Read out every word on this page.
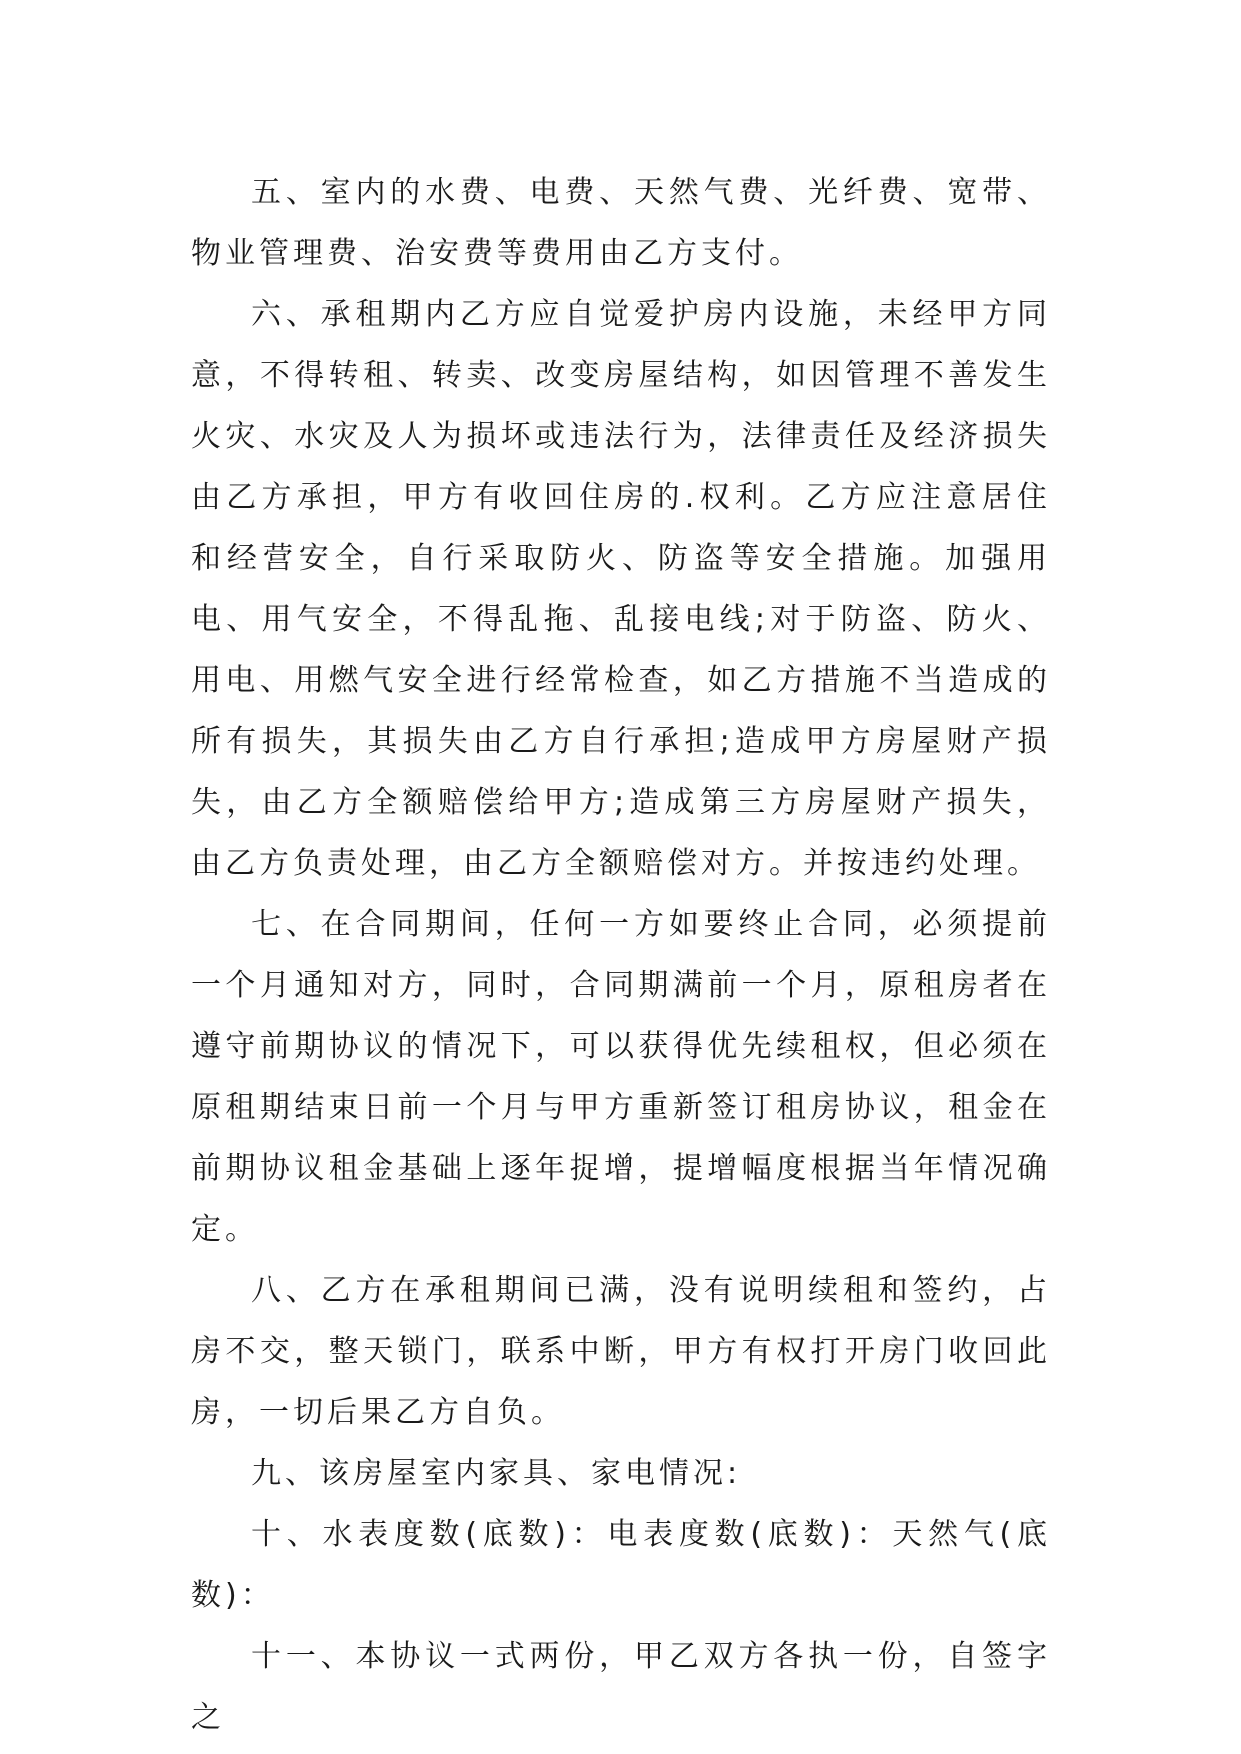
五、室内的水费、电费、天然气费、光纤费、宽带、物业管理费、治安费等费用由乙方支付。

六、承租期内乙方应自觉爱护房内设施，未经甲方同意，不得转租、转卖、改变房屋结构，如因管理不善发生火灾、水灾及人为损坏或违法行为，法律责任及经济损失由乙方承担，甲方有收回住房的.权利。乙方应注意居住和经营安全，自行采取防火、防盗等安全措施。加强用电、用气安全，不得乱拖、乱接电线;对于防盗、防火、用电、用燃气安全进行经常检查，如乙方措施不当造成的所有损失，其损失由乙方自行承担;造成甲方房屋财产损失，由乙方全额赔偿给甲方;造成第三方房屋财产损失，由乙方负责处理，由乙方全额赔偿对方。并按违约处理。

七、在合同期间，任何一方如要终止合同，必须提前一个月通知对方，同时，合同期满前一个月，原租房者在遵守前期协议的情况下，可以获得优先续租权，但必须在原租期结束日前一个月与甲方重新签订租房协议，租金在前期协议租金基础上逐年捉增，提增幅度根据当年情况确定。

八、乙方在承租期间已满，没有说明续租和签约，占房不交，整天锁门，联系中断，甲方有权打开房门收回此房，一切后果乙方自负。

九、该房屋室内家具、家电情况:

十、水表度数(底数)：电表度数(底数)：天然气(底数)：

十一、本协议一式两份，甲乙双方各执一份，自签字之
